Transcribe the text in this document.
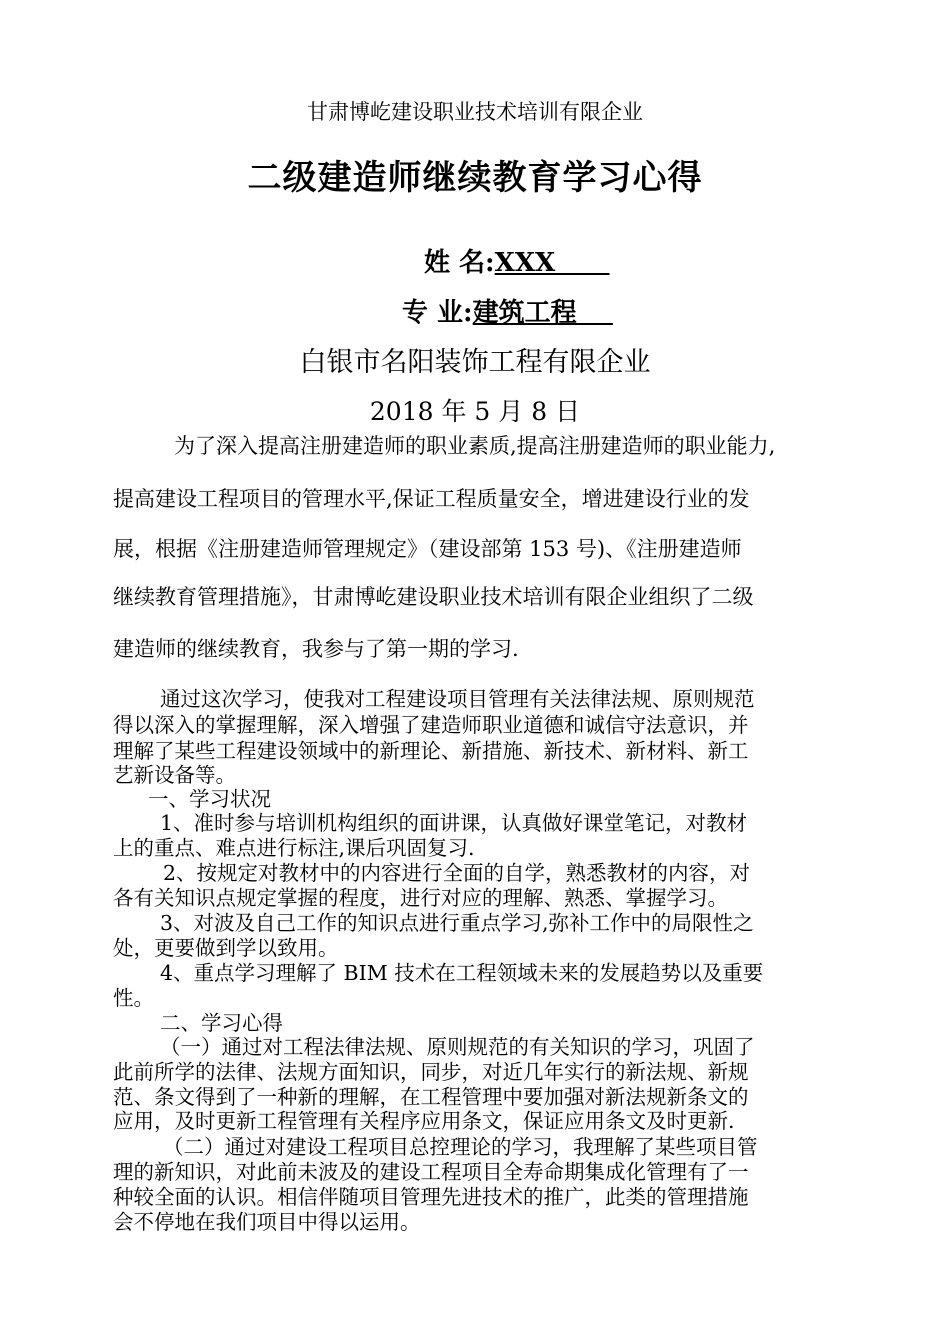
甘肃博屹建设职业技术培训有限企业
二级建造师继续教育学习心得
姓 名:XXX
专 业:建筑工程
白银市名阳装饰工程有限企业
2018 年 5 月 8 日
为了深入提高注册建造师的职业素质,提高注册建造师的职业能力,
提高建设工程项目的管理水平,保证工程质量安全，增进建设行业的发
展，根据《注册建造师管理规定》（建设部第 153 号)、《注册建造师
继续教育管理措施》，甘肃博屹建设职业技术培训有限企业组织了二级
建造师的继续教育，我参与了第一期的学习.
通过这次学习，使我对工程建设项目管理有关法律法规、原则规范
得以深入的掌握理解，深入增强了建造师职业道德和诚信守法意识，并
理解了某些工程建设领域中的新理论、新措施、新技术、新材料、新工
艺新设备等。
一、学习状况
1、准时参与培训机构组织的面讲课，认真做好课堂笔记，对教材
上的重点、难点进行标注,课后巩固复习.
2、按规定对教材中的内容进行全面的自学，熟悉教材的内容，对
各有关知识点规定掌握的程度，进行对应的理解、熟悉、掌握学习。
3、对波及自己工作的知识点进行重点学习,弥补工作中的局限性之
处，更要做到学以致用。
4、重点学习理解了 BIM 技术在工程领域未来的发展趋势以及重要
性。
二、学习心得
（一）通过对工程法律法规、原则规范的有关知识的学习，巩固了
此前所学的法律、法规方面知识，同步，对近几年实行的新法规、新规
范、条文得到了一种新的理解，在工程管理中要加强对新法规新条文的
应用，及时更新工程管理有关程序应用条文，保证应用条文及时更新.
（二）通过对建设工程项目总控理论的学习，我理解了某些项目管
理的新知识，对此前未波及的建设工程项目全寿命期集成化管理有了一
种较全面的认识。相信伴随项目管理先进技术的推广，此类的管理措施
会不停地在我们项目中得以运用。
